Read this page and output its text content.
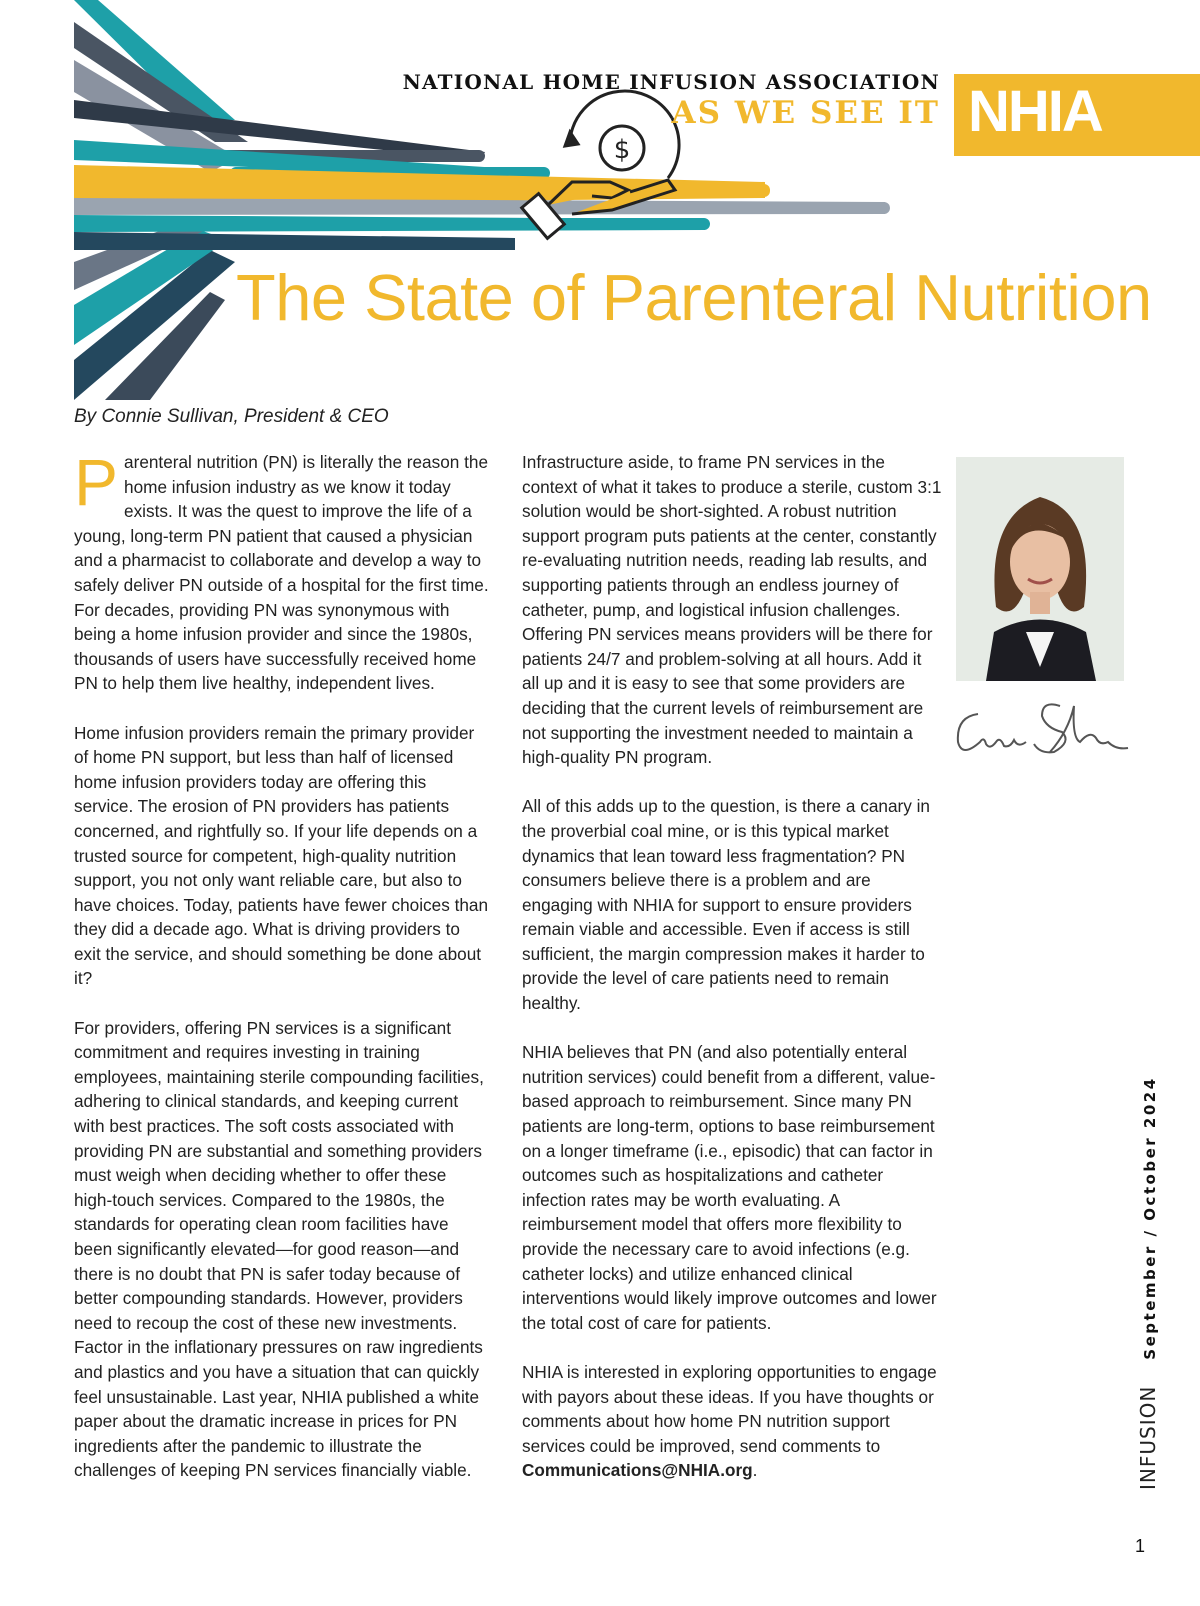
$
NATIONAL HOME INFUSION ASSOCIATION
AS WE SEE IT NHIA
The State of Parenteral Nutrition
By Connie Sullivan, President & CEO

Parenteral nutrition (PN) is literally the reason the home infusion industry as we know it today exists. It was the quest to improve the life of a young, long-term PN patient that caused a physician and a pharmacist to collaborate and develop a way to safely deliver PN outside of a hospital for the first time. For decades, providing PN was synonymous with being a home infusion provider and since the 1980s, thousands of users have successfully received home PN to help them live healthy, independent lives.

Home infusion providers remain the primary provider of home PN support, but less than half of licensed home infusion providers today are offering this service. The erosion of PN providers has patients concerned, and rightfully so. If your life depends on a trusted source for competent, high-quality nutrition support, you not only want reliable care, but also to have choices. Today, patients have fewer choices than they did a decade ago. What is driving providers to exit the service, and should something be done about it?

For providers, offering PN services is a significant commitment and requires investing in training employees, maintaining sterile compounding facilities, adhering to clinical standards, and keeping current with best practices. The soft costs associated with providing PN are substantial and something providers must weigh when deciding whether to offer these high-touch services. Compared to the 1980s, the standards for operating clean room facilities have been significantly elevated—for good reason—and there is no doubt that PN is safer today because of better compounding standards. However, providers need to recoup the cost of these new investments. Factor in the inflationary pressures on raw ingredients and plastics and you have a situation that can quickly feel unsustainable. Last year, NHIA published a white paper about the dramatic increase in prices for PN ingredients after the pandemic to illustrate the challenges of keeping PN services financially viable.

Infrastructure aside, to frame PN services in the context of what it takes to produce a sterile, custom 3:1 solution would be short-sighted. A robust nutrition support program puts patients at the center, constantly re-evaluating nutrition needs, reading lab results, and supporting patients through an endless journey of catheter, pump, and logistical infusion challenges. Offering PN services means providers will be there for patients 24/7 and problem-solving at all hours. Add it all up and it is easy to see that some providers are deciding that the current levels of reimbursement are not supporting the investment needed to maintain a high-quality PN program.

All of this adds up to the question, is there a canary in the proverbial coal mine, or is this typical market dynamics that lean toward less fragmentation? PN consumers believe there is a problem and are engaging with NHIA for support to ensure providers remain viable and accessible. Even if access is still sufficient, the margin compression makes it harder to provide the level of care patients need to remain healthy.

NHIA believes that PN (and also potentially enteral nutrition services) could benefit from a different, value-based approach to reimbursement. Since many PN patients are long-term, options to base reimbursement on a longer timeframe (i.e., episodic) that can factor in outcomes such as hospitalizations and catheter infection rates may be worth evaluating. A reimbursement model that offers more flexibility to provide the necessary care to avoid infections (e.g. catheter locks) and utilize enhanced clinical interventions would likely improve outcomes and lower the total cost of care for patients.

NHIA is interested in exploring opportunities to engage with payors about these ideas. If you have thoughts or comments about how home PN nutrition support services could be improved, send comments to Communications@NHIA.org.	INFUSION
September / October 2024
1
